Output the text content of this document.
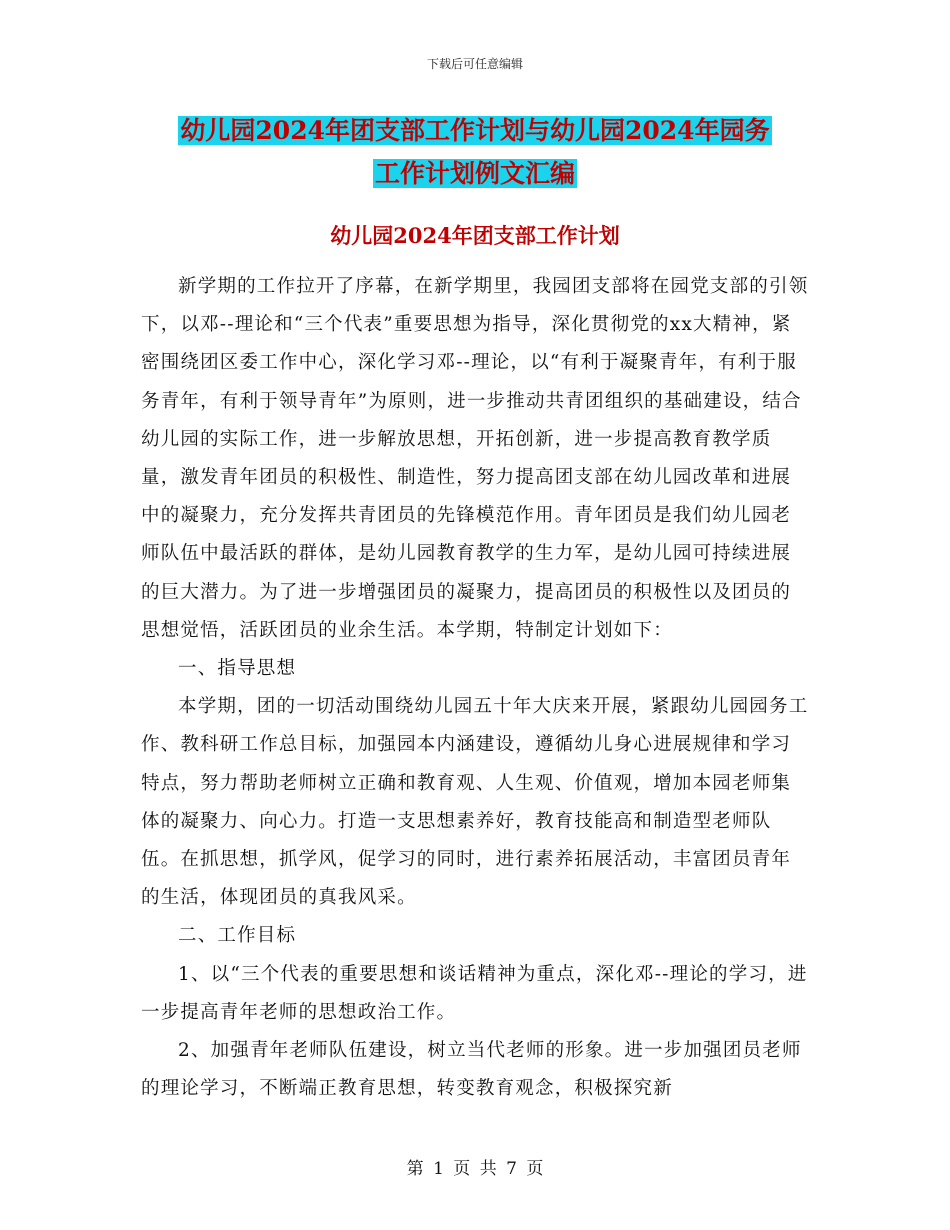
下载后可任意编辑
幼儿园2024年团支部工作计划与幼儿园2024年园务
工作计划例文汇编
幼儿园2024年团支部工作计划

新学期的工作拉开了序幕，在新学期里，我园团支部将在园党支部的引领下，以邓--理论和“三个代表”重要思想为指导，深化贯彻党的xx大精神，紧密围绕团区委工作中心，深化学习邓--理论，以“有利于凝聚青年，有利于服务青年，有利于领导青年”为原则，进一步推动共青团组织的基础建设，结合幼儿园的实际工作，进一步解放思想，开拓创新，进一步提高教育教学质量，激发青年团员的积极性、制造性，努力提高团支部在幼儿园改革和进展中的凝聚力，充分发挥共青团员的先锋模范作用。青年团员是我们幼儿园老师队伍中最活跃的群体，是幼儿园教育教学的生力军，是幼儿园可持续进展的巨大潜力。为了进一步增强团员的凝聚力，提高团员的积极性以及团员的思想觉悟，活跃团员的业余生活。本学期，特制定计划如下：

一、指导思想

本学期，团的一切活动围绕幼儿园五十年大庆来开展，紧跟幼儿园园务工作、教科研工作总目标，加强园本内涵建设，遵循幼儿身心进展规律和学习特点，努力帮助老师树立正确和教育观、人生观、价值观，增加本园老师集体的凝聚力、向心力。打造一支思想素养好，教育技能高和制造型老师队伍。在抓思想，抓学风，促学习的同时，进行素养拓展活动，丰富团员青年的生活，体现团员的真我风采。

二、工作目标

1、以“三个代表的重要思想和谈话精神为重点，深化邓--理论的学习，进一步提高青年老师的思想政治工作。

2、加强青年老师队伍建设，树立当代老师的形象。进一步加强团员老师的理论学习，不断端正教育思想，转变教育观念，积极探究新

第 1 页 共 7 页
